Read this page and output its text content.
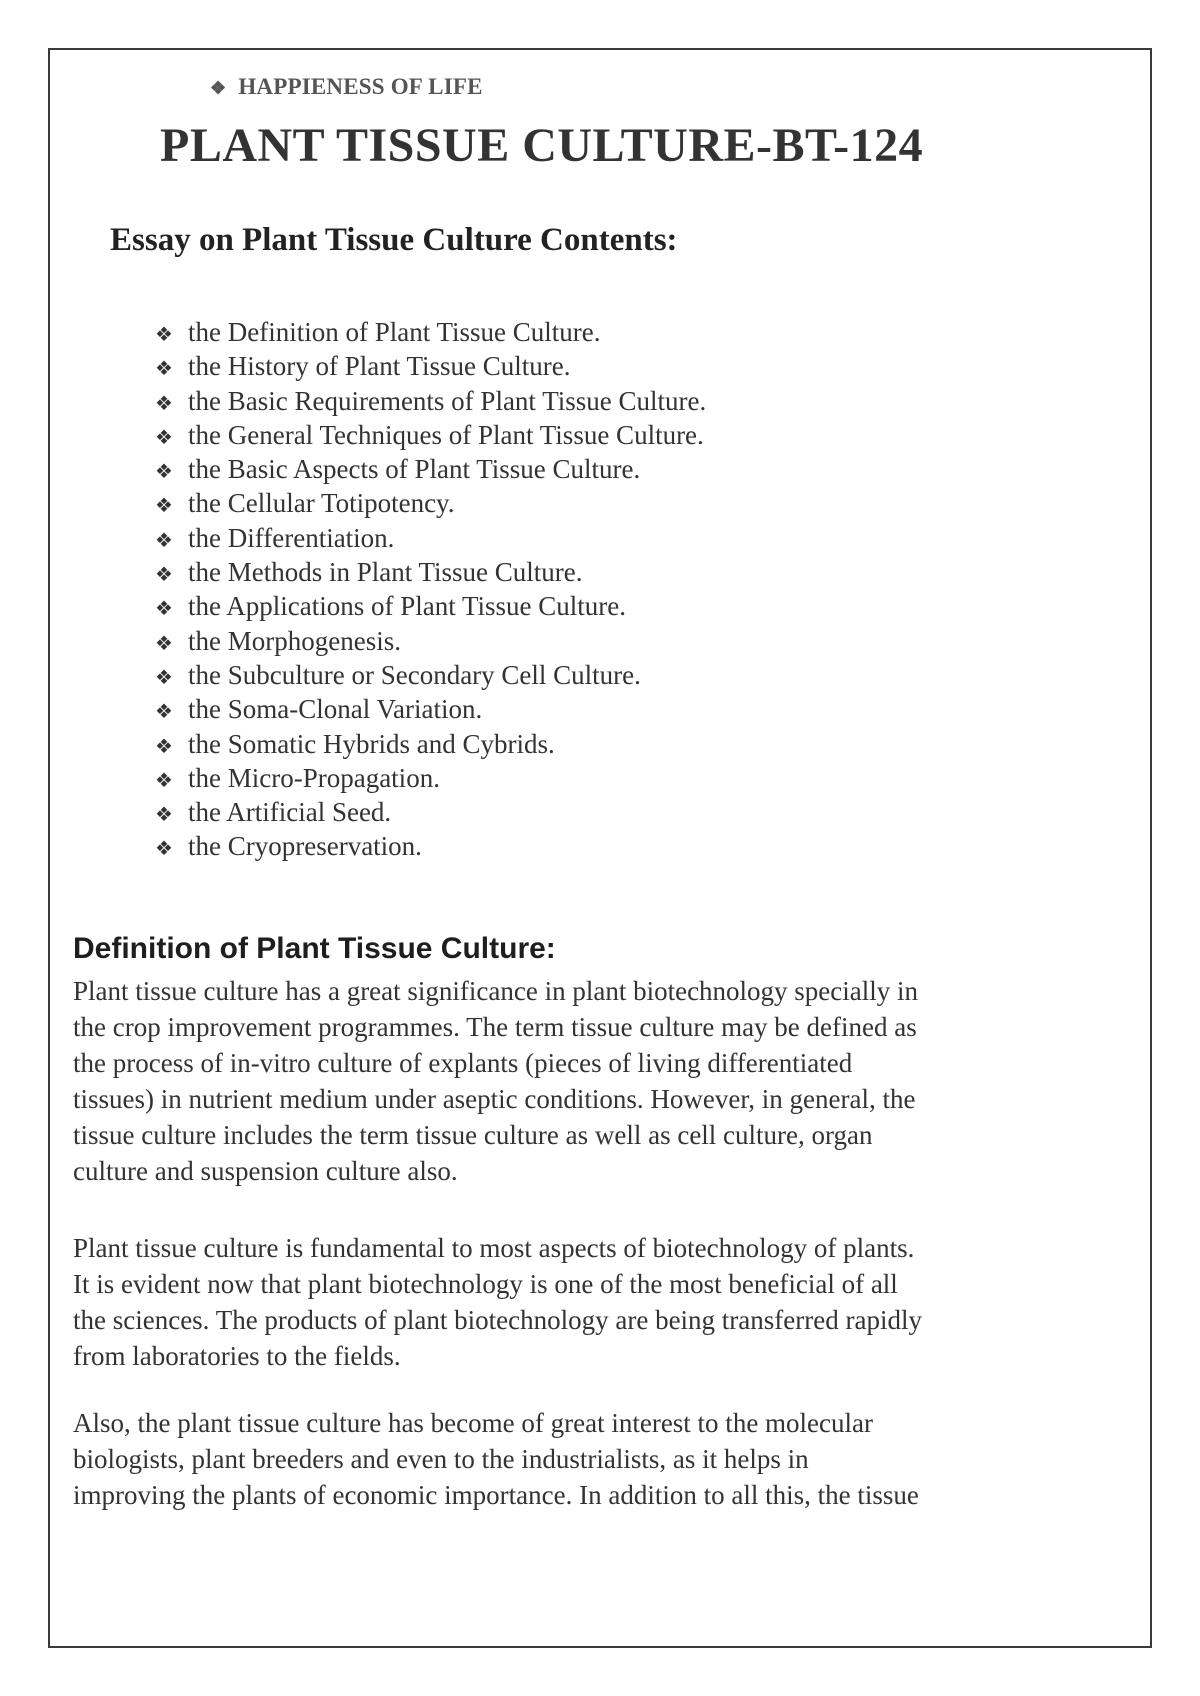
❖ HAPPIENESS OF LIFE
PLANT TISSUE CULTURE-BT-124
Essay on Plant Tissue Culture Contents:
❖ the Definition of Plant Tissue Culture.
❖ the History of Plant Tissue Culture.
❖ the Basic Requirements of Plant Tissue Culture.
❖ the General Techniques of Plant Tissue Culture.
❖ the Basic Aspects of Plant Tissue Culture.
❖ the Cellular Totipotency.
❖ the Differentiation.
❖ the Methods in Plant Tissue Culture.
❖ the Applications of Plant Tissue Culture.
❖ the Morphogenesis.
❖ the Subculture or Secondary Cell Culture.
❖ the Soma-Clonal Variation.
❖ the Somatic Hybrids and Cybrids.
❖ the Micro-Propagation.
❖ the Artificial Seed.
❖ the Cryopreservation.
Definition of Plant Tissue Culture:

Plant tissue culture has a great significance in plant biotechnology specially in
the crop improvement programmes. The term tissue culture may be defined as
the process of in-vitro culture of explants (pieces of living differentiated
tissues) in nutrient medium under aseptic conditions. However, in general, the
tissue culture includes the term tissue culture as well as cell culture, organ
culture and suspension culture also.

Plant tissue culture is fundamental to most aspects of biotechnology of plants.
It is evident now that plant biotechnology is one of the most beneficial of all
the sciences. The products of plant biotechnology are being transferred rapidly
from laboratories to the fields.

Also, the plant tissue culture has become of great interest to the molecular
biologists, plant breeders and even to the industrialists, as it helps in
improving the plants of economic importance. In addition to all this, the tissue
